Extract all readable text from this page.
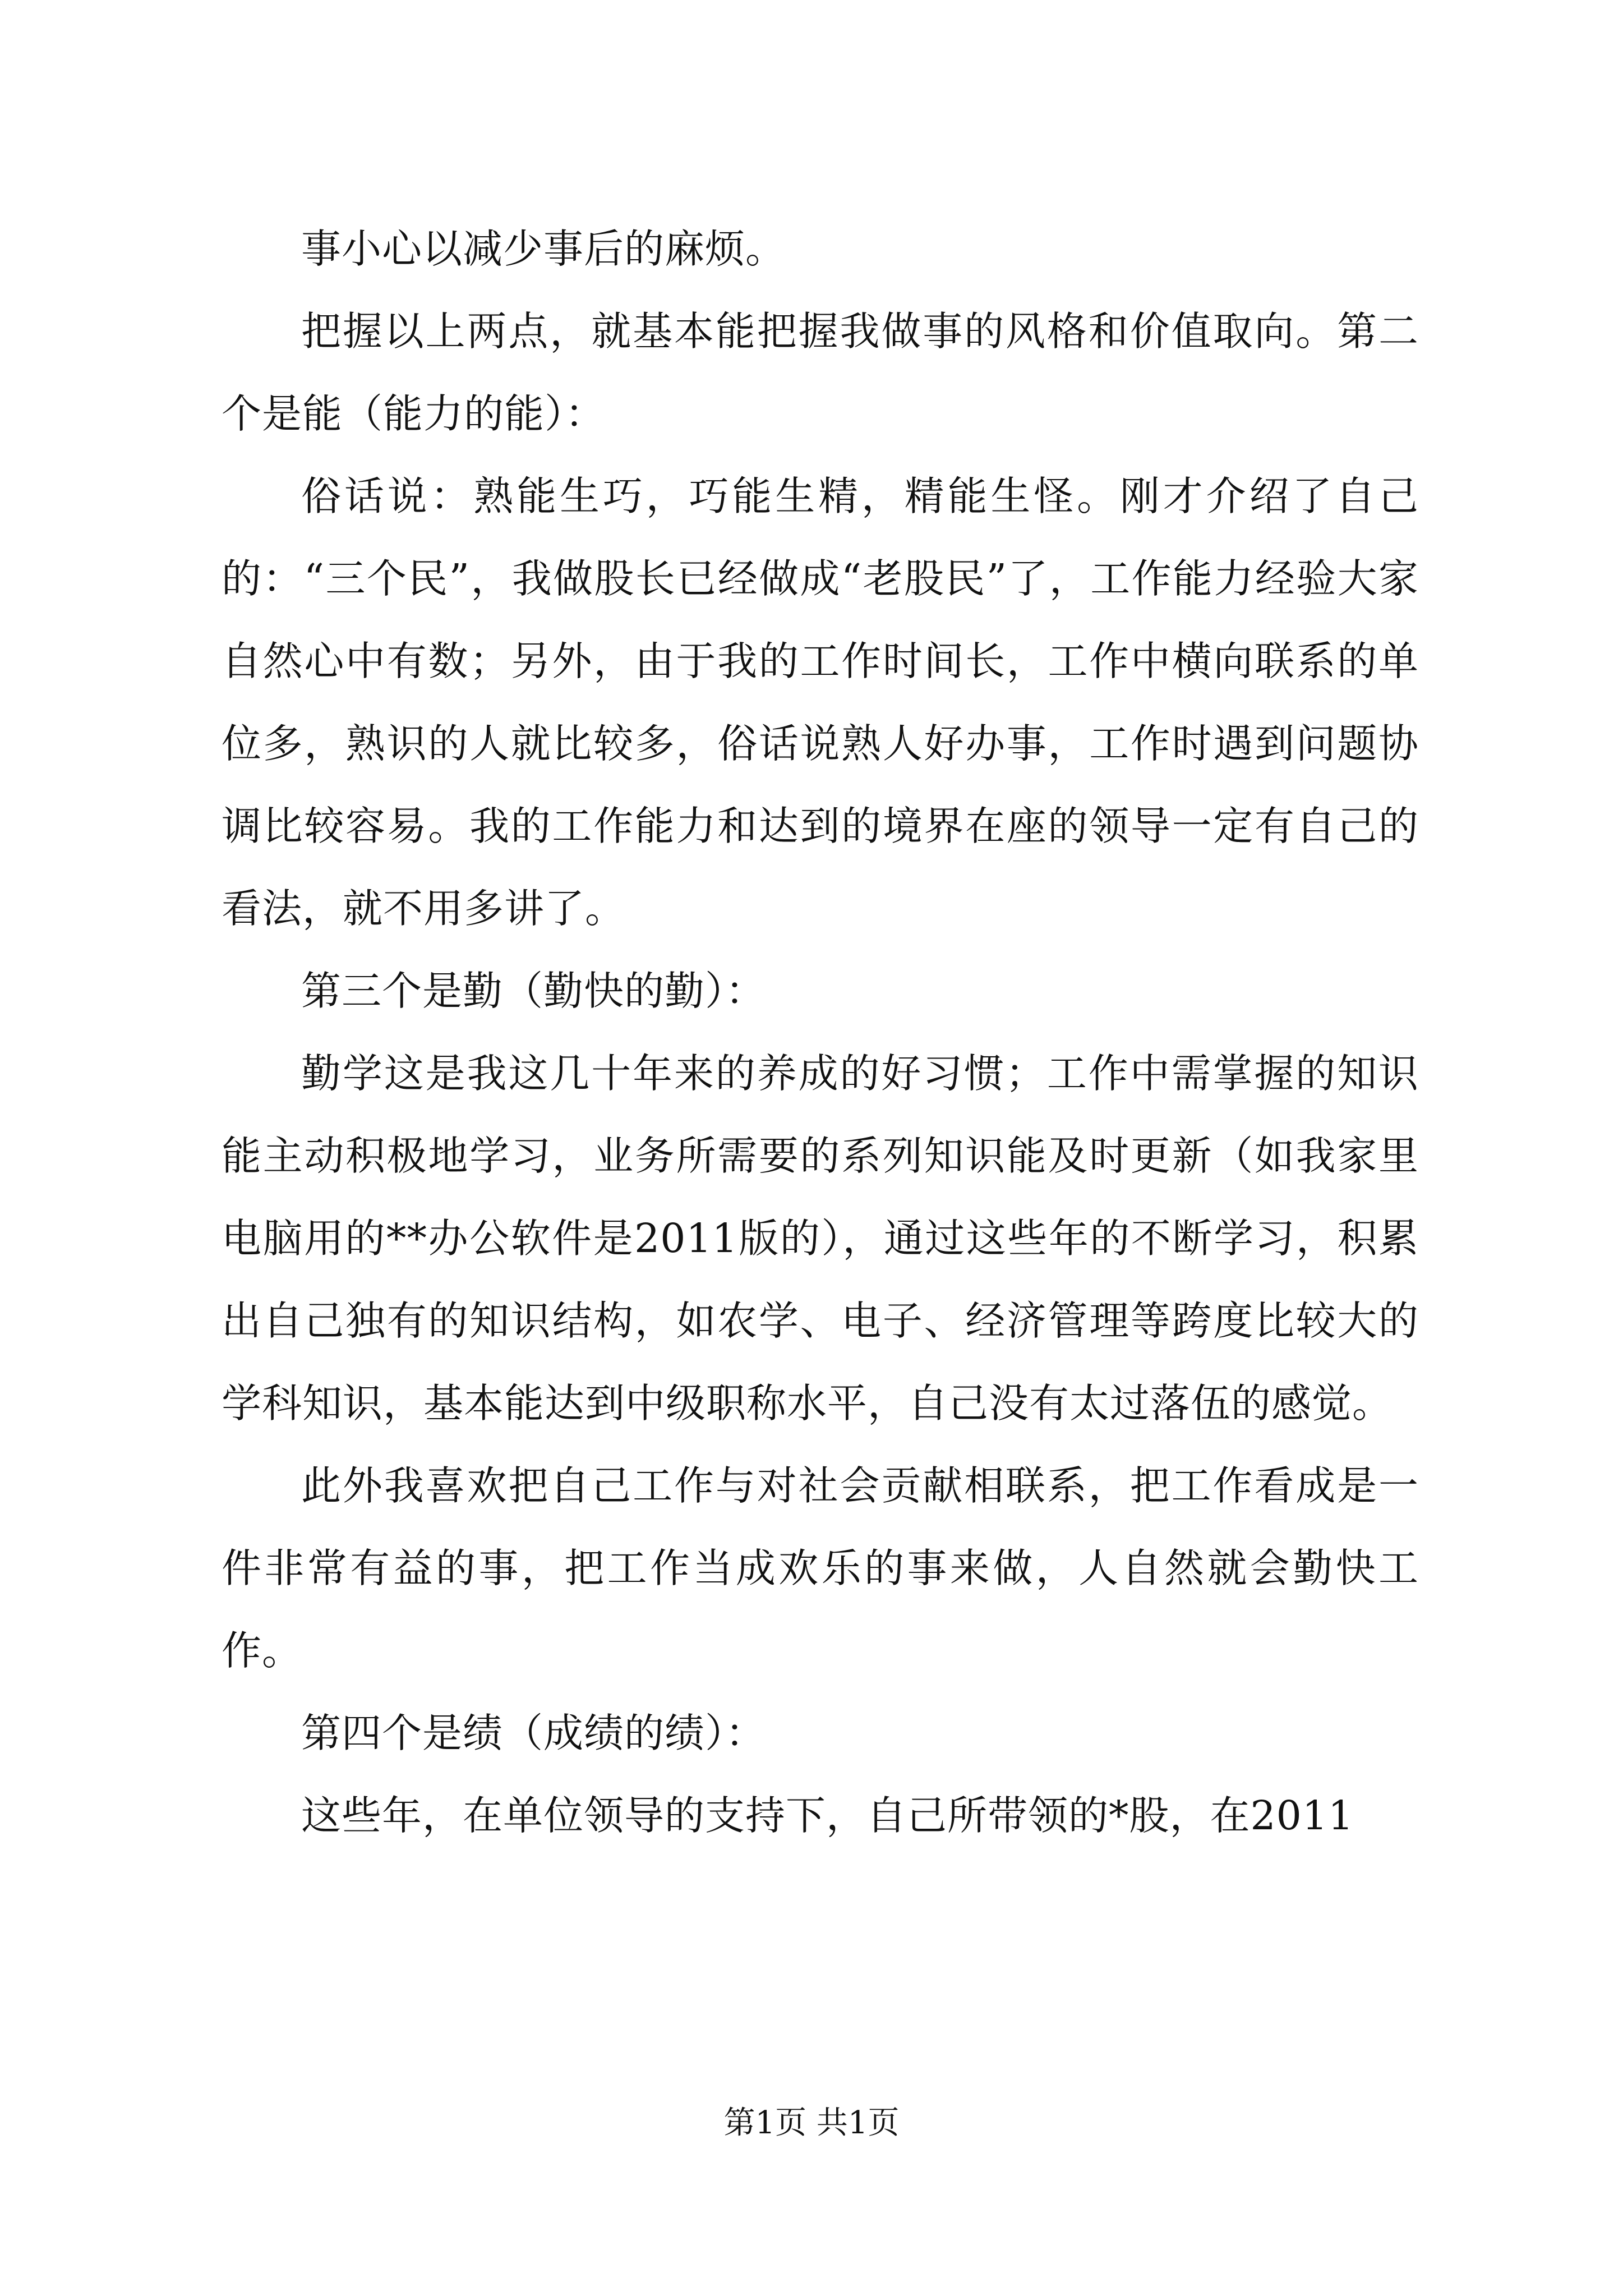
事小心以减少事后的麻烦。

把握以上两点，就基本能把握我做事的风格和价值取向。第二个是能（能力的能）：

俗话说：熟能生巧，巧能生精，精能生怪。刚才介绍了自己的：“三个民”，我做股长已经做成“老股民”了，工作能力经验大家自然心中有数；另外，由于我的工作时间长，工作中横向联系的单位多，熟识的人就比较多，俗话说熟人好办事，工作时遇到问题协调比较容易。我的工作能力和达到的境界在座的领导一定有自己的看法，就不用多讲了。

第三个是勤（勤快的勤）：

勤学这是我这几十年来的养成的好习惯；工作中需掌握的知识能主动积极地学习，业务所需要的系列知识能及时更新（如我家里电脑用的**办公软件是2011版的），通过这些年的不断学习，积累出自己独有的知识结构，如农学、电子、经济管理等跨度比较大的学科知识，基本能达到中级职称水平，自己没有太过落伍的感觉。

此外我喜欢把自己工作与对社会贡献相联系，把工作看成是一件非常有益的事，把工作当成欢乐的事来做，人自然就会勤快工作。

第四个是绩（成绩的绩）：

这些年，在单位领导的支持下，自己所带领的*股，在2011

第1页 共1页
